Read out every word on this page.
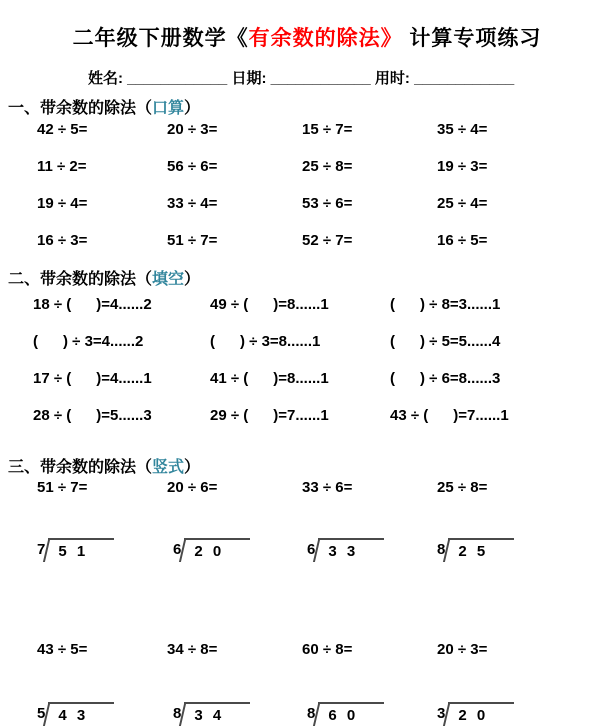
二年级下册数学《有余数的除法》 计算专项练习
姓名: ____________ 日期: ____________ 用时: ____________
一、带余数的除法（口算）
42 ÷ 5=	20 ÷ 3=	15 ÷ 7=	35 ÷ 4=
11 ÷ 2=	56 ÷ 6=	25 ÷ 8=	19 ÷ 3=
19 ÷ 4=	33 ÷ 4=	53 ÷ 6=	25 ÷ 4=
16 ÷ 3=	51 ÷ 7=	52 ÷ 7=	16 ÷ 5=
二、带余数的除法（填空）
18 ÷ (      )=4......2	49 ÷ (      )=8......1	(      ) ÷ 8=3......1
(      ) ÷ 3=4......2	(      ) ÷ 3=8......1	(      ) ÷ 5=5......4
17 ÷ (      )=4......1	41 ÷ (      )=8......1	(      ) ÷ 6=8......3
28 ÷ (      )=5......3	29 ÷ (      )=7......1	43 ÷ (      )=7......1
三、带余数的除法（竖式）
51 ÷ 7=	20 ÷ 6=	33 ÷ 6=	25 ÷ 8=
7 5 1	6 2 0	6 3 3	8 2 5
43 ÷ 5=	34 ÷ 8=	60 ÷ 8=	20 ÷ 3=
5 4 3	8 3 4	8 6 0	3 2 0
